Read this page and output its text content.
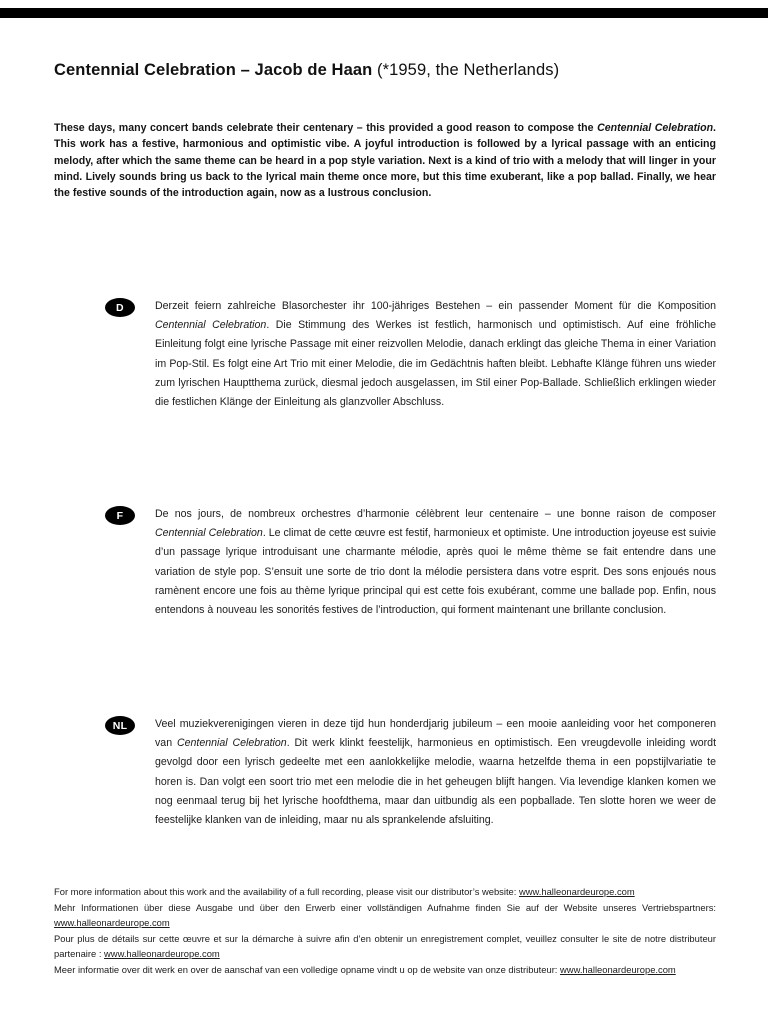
Centennial Celebration – Jacob de Haan (*1959, the Netherlands)

These days, many concert bands celebrate their centenary – this provided a good reason to compose the Centennial Celebration. This work has a festive, harmonious and optimistic vibe. A joyful introduction is followed by a lyrical passage with an enticing melody, after which the same theme can be heard in a pop style variation. Next is a kind of trio with a melody that will linger in your mind. Lively sounds bring us back to the lyrical main theme once more, but this time exuberant, like a pop ballad. Finally, we hear the festive sounds of the introduction again, now as a lustrous conclusion.

D	Derzeit feiern zahlreiche Blasorchester ihr 100-jähriges Bestehen – ein passender Moment für die Komposition Centennial Celebration. Die Stimmung des Werkes ist festlich, harmonisch und optimistisch. Auf eine fröhliche Einleitung folgt eine lyrische Passage mit einer reizvollen Melodie, danach erklingt das gleiche Thema in einer Variation im Pop-Stil. Es folgt eine Art Trio mit einer Melodie, die im Gedächtnis haften bleibt. Lebhafte Klänge führen uns wieder zum lyrischen Hauptthema zurück, diesmal jedoch ausgelassen, im Stil einer Pop-Ballade. Schließlich erklingen wieder die festlichen Klänge der Einleitung als glanzvoller Abschluss.

F	De nos jours, de nombreux orchestres d’harmonie célèbrent leur centenaire – une bonne raison de composer Centennial Celebration. Le climat de cette œuvre est festif, harmonieux et optimiste. Une introduction joyeuse est suivie d’un passage lyrique introduisant une charmante mélodie, après quoi le même thème se fait entendre dans une variation de style pop. S’ensuit une sorte de trio dont la mélodie persistera dans votre esprit. Des sons enjoués nous ramènent encore une fois au thème lyrique principal qui est cette fois exubérant, comme une ballade pop. Enfin, nous entendons à nouveau les sonorités festives de l’introduction, qui forment maintenant une brillante conclusion.

NL	Veel muziekverenigingen vieren in deze tijd hun honderdjarig jubileum – een mooie aanleiding voor het componeren van Centennial Celebration. Dit werk klinkt feestelijk, harmonieus en optimistisch. Een vreugdevolle inleiding wordt gevolgd door een lyrisch gedeelte met een aanlokkelijke melodie, waarna hetzelfde thema in een popstijlvariatie te horen is. Dan volgt een soort trio met een melodie die in het geheugen blijft hangen. Via levendige klanken komen we nog eenmaal terug bij het lyrische hoofdthema, maar dan uitbundig als een popballade. Ten slotte horen we weer de feestelijke klanken van de inleiding, maar nu als sprankelende afsluiting.

For more information about this work and the availability of a full recording, please visit our distributor’s website: www.halleonardeurope.com

Mehr Informationen über diese Ausgabe und über den Erwerb einer vollständigen Aufnahme finden Sie auf der Website unseres Vertriebspartners: www.halleonardeurope.com

Pour plus de détails sur cette œuvre et sur la démarche à suivre afin d’en obtenir un enregistrement complet, veuillez consulter le site de notre distributeur partenaire : www.halleonardeurope.com

Meer informatie over dit werk en over de aanschaf van een volledige opname vindt u op de website van onze distributeur: www.halleonardeurope.com
